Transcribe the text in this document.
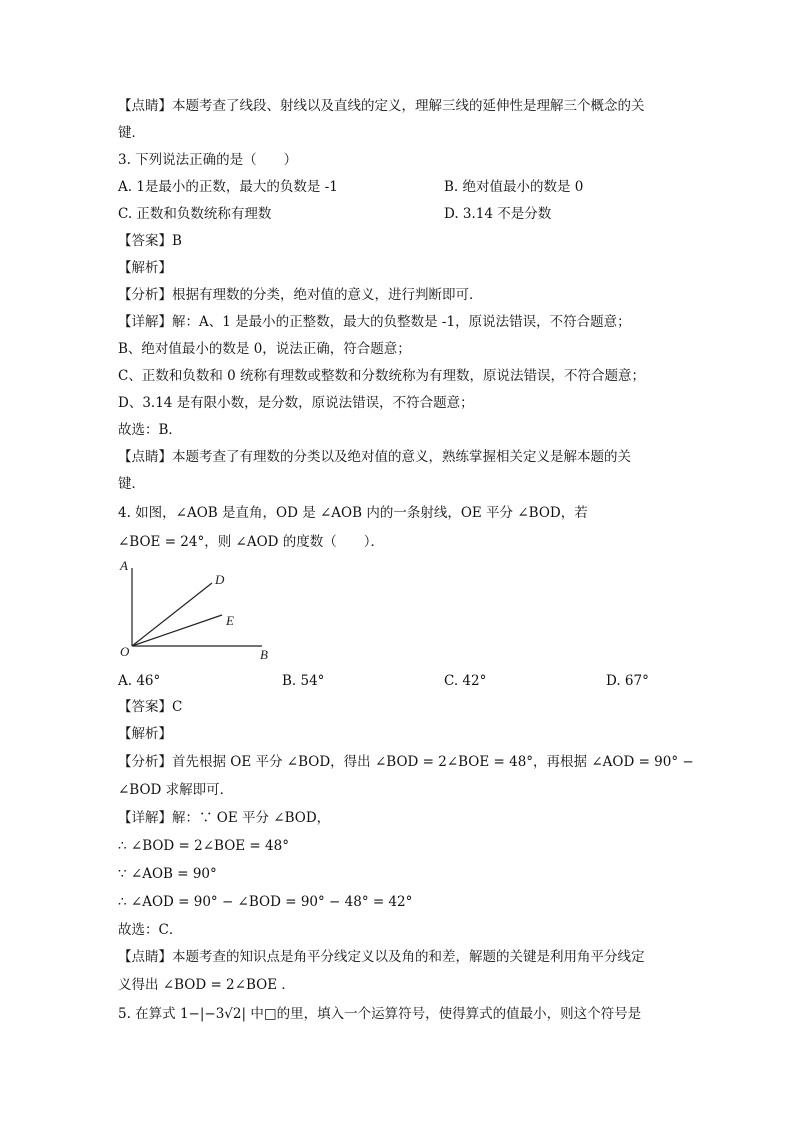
【点睛】本题考查了线段、射线以及直线的定义，理解三线的延伸性是理解三个概念的关
键．
3. 下列说法正确的是（　　）
A. 1是最小的正数，最大的负数是 -1	B. 绝对值最小的数是 0
C. 正数和负数统称有理数	D. 3.14 不是分数
【答案】B
【解析】
【分析】根据有理数的分类，绝对值的意义，进行判断即可．
【详解】解：A、1 是最小的正整数，最大的负整数是 -1，原说法错误，不符合题意；
B、绝对值最小的数是 0，说法正确，符合题意；
C、正数和负数和 0 统称有理数或整数和分数统称为有理数，原说法错误，不符合题意；
D、3.14 是有限小数，是分数，原说法错误，不符合题意；
故选：B．
【点睛】本题考查了有理数的分类以及绝对值的意义，熟练掌握相关定义是解本题的关
键．
4. 如图，∠AOB 是直角，OD 是 ∠AOB 内的一条射线，OE 平分 ∠BOD，若
∠BOE = 24°，则 ∠AOD 的度数（　　）．
A
D
E
O	B
A. 46°	B. 54°	C. 42°	D. 67°
【答案】C
【解析】
【分析】首先根据 OE 平分 ∠BOD，得出 ∠BOD = 2∠BOE = 48°，再根据 ∠AOD = 90° −
∠BOD 求解即可．
【详解】解：∵ OE 平分 ∠BOD，
∴ ∠BOD = 2∠BOE = 48°
∵ ∠AOB = 90°
∴ ∠AOD = 90° − ∠BOD = 90° − 48° = 42°
故选：C．
【点睛】本题考查的知识点是角平分线定义以及角的和差，解题的关键是利用角平分线定
义得出 ∠BOD = 2∠BOE ．
5. 在算式 1−|−3√2| 中□的里，填入一个运算符号，使得算式的值最小，则这个符号是
